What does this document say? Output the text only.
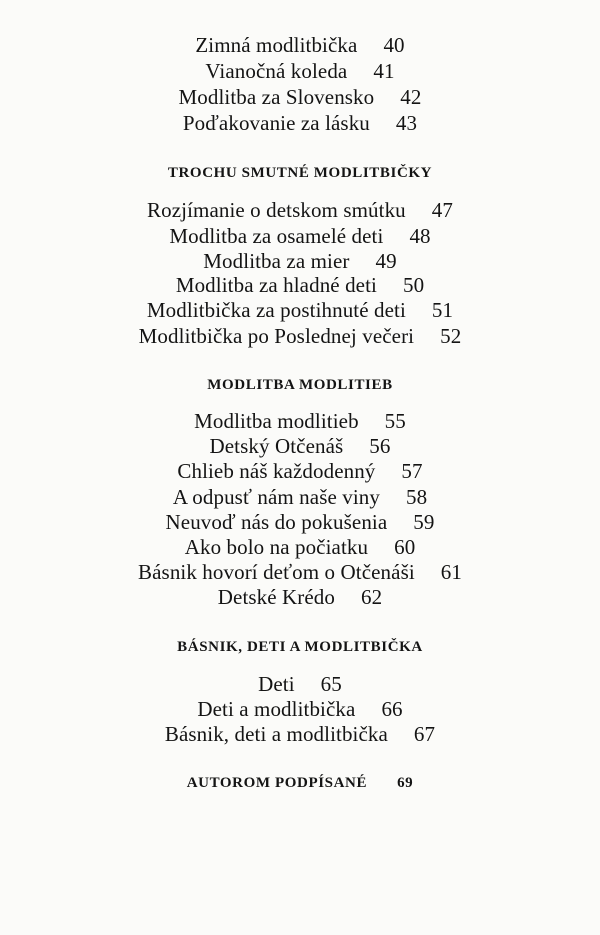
Zimná modlitbička 40
Vianočná koleda 41
Modlitba za Slovensko 42
Poďakovanie za lásku 43
TROCHU SMUTNÉ MODLITBIČKY
Rozjímanie o detskom smútku 47
Modlitba za osamelé deti 48
Modlitba za mier 49
Modlitba za hladné deti 50
Modlitbička za postihnuté deti 51
Modlitbička po Poslednej večeri 52
MODLITBA MODLITIEB
Modlitba modlitieb 55
Detský Otčenáš 56
Chlieb náš každodenný 57
A odpusť nám naše viny 58
Neuvoď nás do pokušenia 59
Ako bolo na počiatku 60
Básnik hovorí deťom o Otčenáši 61
Detské Krédo 62
BÁSNIK, DETI A MODLITBIČKA
Deti 65
Deti a modlitbička 66
Básnik, deti a modlitbička 67
AUTOROM PODPÍSANÉ 69
